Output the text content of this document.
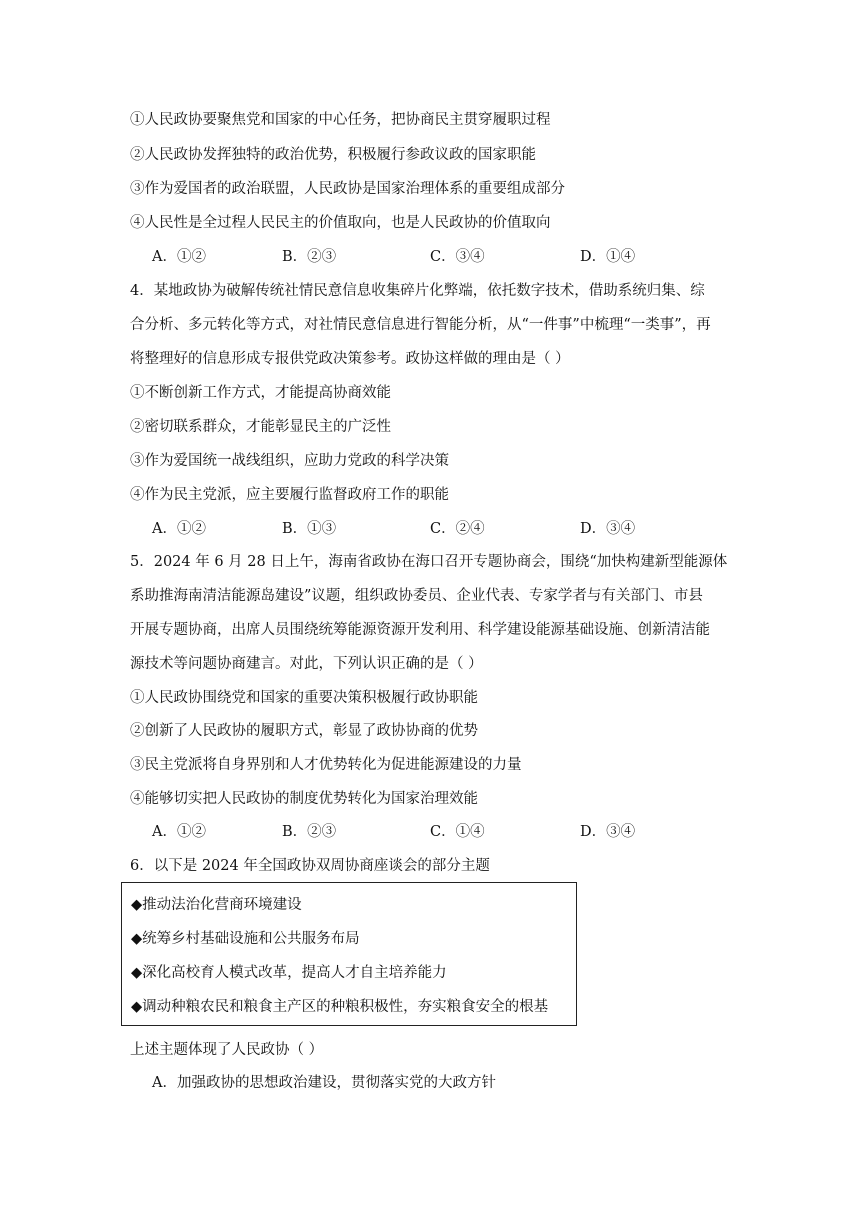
①人民政协要聚焦党和国家的中心任务，把协商民主贯穿履职过程
②人民政协发挥独特的政治优势，积极履行参政议政的国家职能
③作为爱国者的政治联盟，人民政协是国家治理体系的重要组成部分
④人民性是全过程人民民主的价值取向，也是人民政协的价值取向
A．①②	B．②③	C．③④	D．①④
4．某地政协为破解传统社情民意信息收集碎片化弊端，依托数字技术，借助系统归集、综
合分析、多元转化等方式，对社情民意信息进行智能分析，从“一件事”中梳理“一类事”，再
将整理好的信息形成专报供党政决策参考。政协这样做的理由是（ ）
①不断创新工作方式，才能提高协商效能
②密切联系群众，才能彰显民主的广泛性
③作为爱国统一战线组织，应助力党政的科学决策
④作为民主党派，应主要履行监督政府工作的职能
A．①②	B．①③	C．②④	D．③④
5．2024 年 6 月 28 日上午，海南省政协在海口召开专题协商会，围绕“加快构建新型能源体
系助推海南清洁能源岛建设”议题，组织政协委员、企业代表、专家学者与有关部门、市县
开展专题协商，出席人员围绕统筹能源资源开发利用、科学建设能源基础设施、创新清洁能
源技术等问题协商建言。对此，下列认识正确的是（ ）
①人民政协围绕党和国家的重要决策积极履行政协职能
②创新了人民政协的履职方式，彰显了政协协商的优势
③民主党派将自身界别和人才优势转化为促进能源建设的力量
④能够切实把人民政协的制度优势转化为国家治理效能
A．①②	B．②③	C．①④	D．③④
6．以下是 2024 年全国政协双周协商座谈会的部分主题
◆推动法治化营商环境建设
◆统筹乡村基础设施和公共服务布局
◆深化高校育人模式改革，提高人才自主培养能力
◆调动种粮农民和粮食主产区的种粮积极性，夯实粮食安全的根基
上述主题体现了人民政协（ ）
A．加强政协的思想政治建设，贯彻落实党的大政方针
